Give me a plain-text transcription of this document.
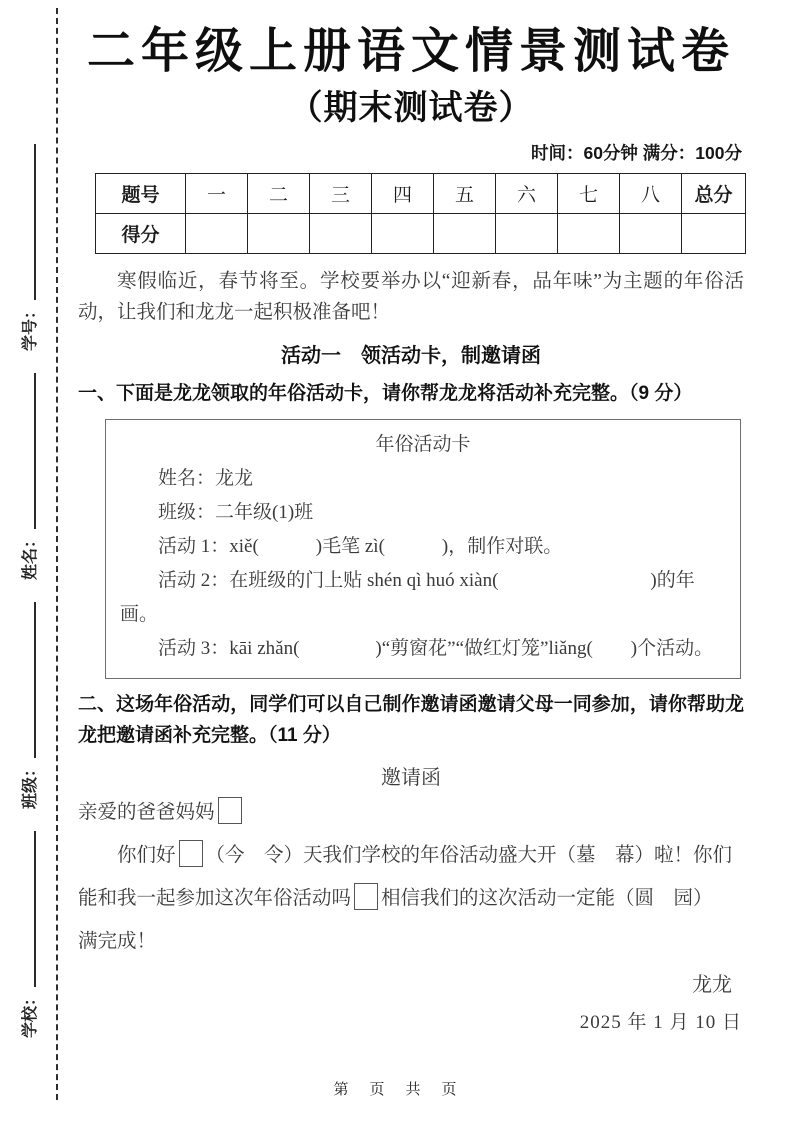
学校：
班级：
姓名：
学号：
二年级上册语文情景测试卷
（期末测试卷）
时间：60分钟 满分：100分
题号	一	二	三	四	五	六	七	八	总分
得分									

寒假临近，春节将至。学校要举办以“迎新春，品年味”为主题的年俗活动，让我们和龙龙一起积极准备吧！

活动一　领活动卡，制邀请函

一、下面是龙龙领取的年俗活动卡，请你帮龙龙将活动补充完整。（9 分）

年俗活动卡

姓名：龙龙

班级：二年级(1)班

活动 1：xiě(　　　)毛笔 zì(　　　)，制作对联。

活动 2：在班级的门上贴 shén qì huó xiàn(　　　　　　　　)的年画。

活动 3：kāi zhǎn(　　　　)“剪窗花”“做红灯笼”liǎng(　　)个活动。

二、这场年俗活动，同学们可以自己制作邀请函邀请父母一同参加，请你帮助龙龙把邀请函补充完整。（11 分）

邀请函
亲爱的爸爸妈妈
你们好 （今　令）天我们学校的年俗活动盛大开（墓　幕）啦！你们
能和我一起参加这次年俗活动吗 相信我们的这次活动一定能（圆　园）
满完成！
龙龙
2025 年 1 月 10 日
第　页　共　页
